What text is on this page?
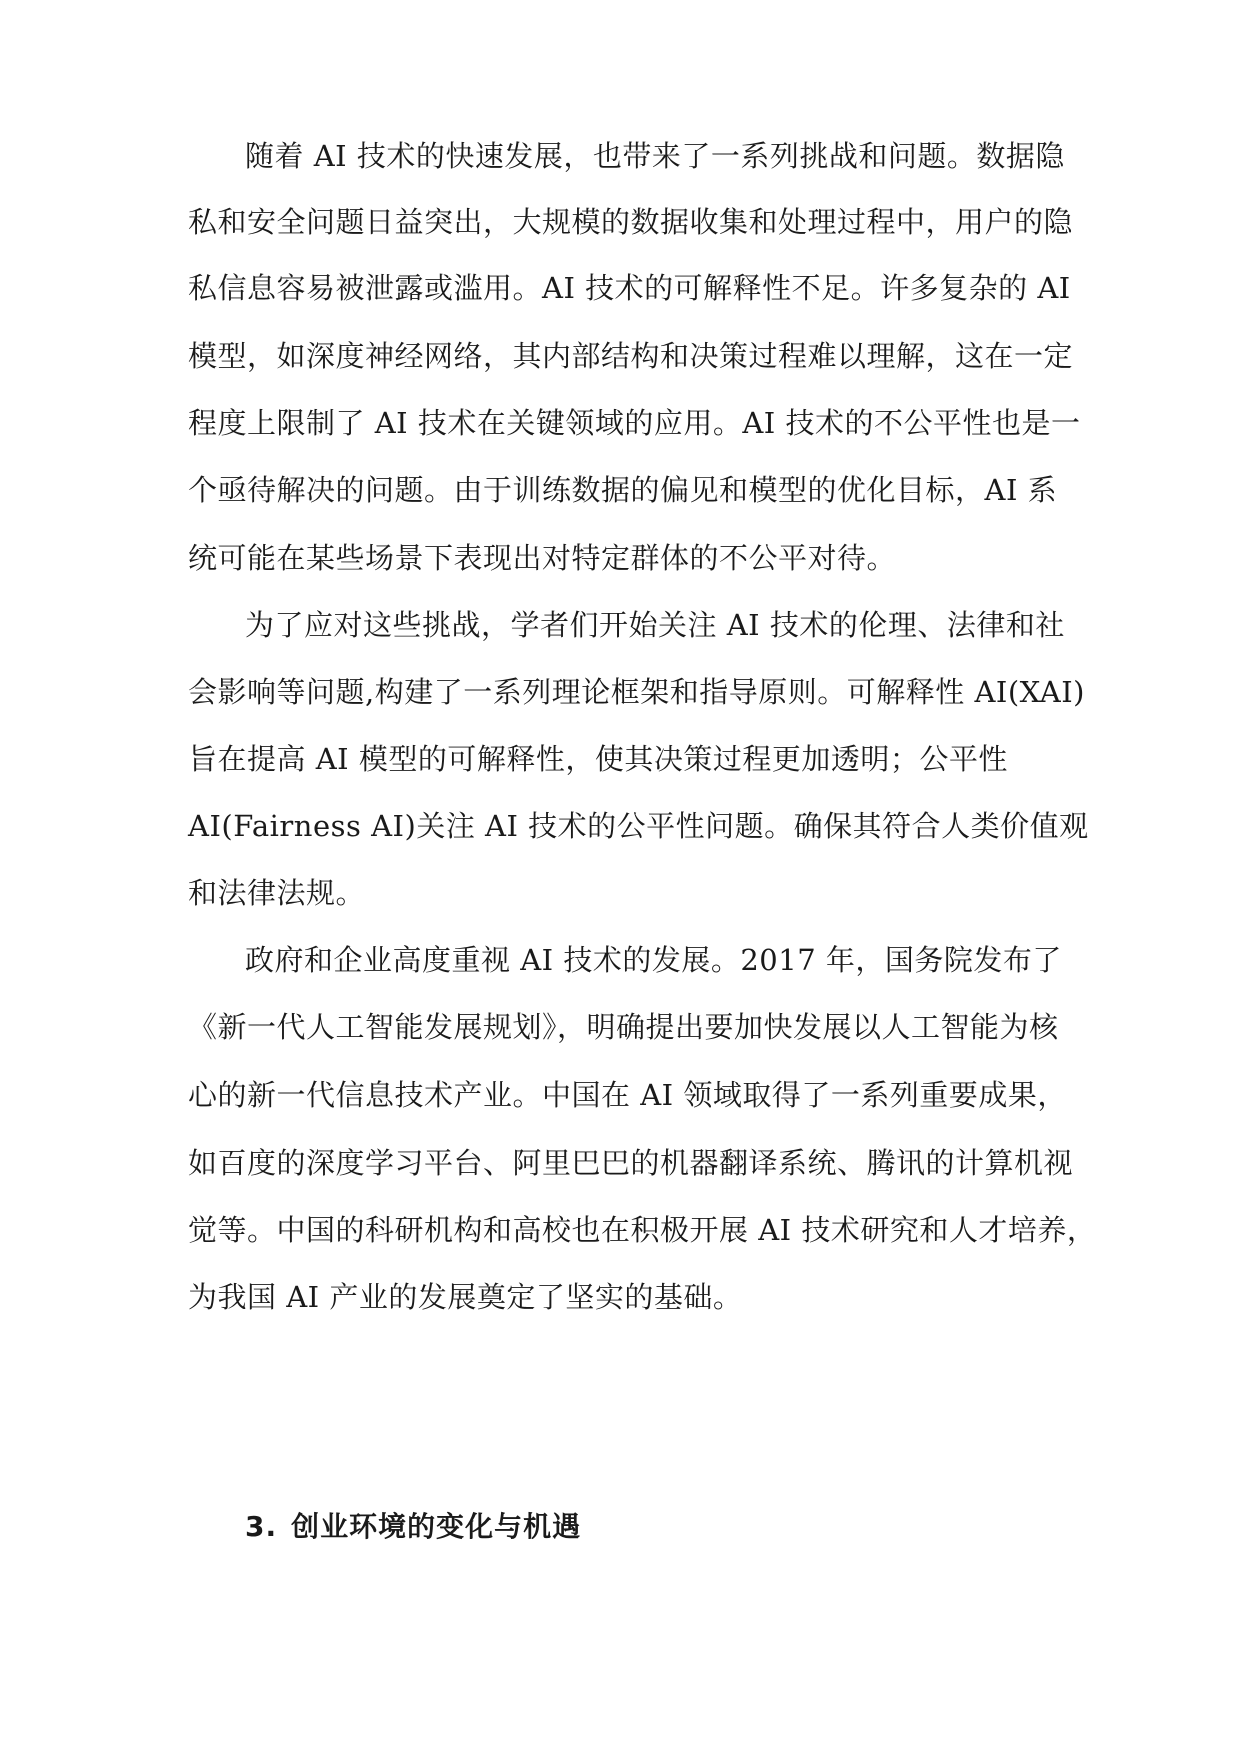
随着 AI 技术的快速发展，也带来了一系列挑战和问题。数据隐
私和安全问题日益突出，大规模的数据收集和处理过程中，用户的隐
私信息容易被泄露或滥用。AI 技术的可解释性不足。许多复杂的 AI
模型，如深度神经网络，其内部结构和决策过程难以理解，这在一定
程度上限制了 AI 技术在关键领域的应用。AI 技术的不公平性也是一
个亟待解决的问题。由于训练数据的偏见和模型的优化目标，AI 系
统可能在某些场景下表现出对特定群体的不公平对待。
为了应对这些挑战，学者们开始关注 AI 技术的伦理、法律和社
会影响等问题,构建了一系列理论框架和指导原则。可解释性 AI(XAI)
旨在提高 AI 模型的可解释性，使其决策过程更加透明；公平性
AI(Fairness AI)关注 AI 技术的公平性问题。确保其符合人类价值观
和法律法规。
政府和企业高度重视 AI 技术的发展。2017 年，国务院发布了
《新一代人工智能发展规划》，明确提出要加快发展以人工智能为核
心的新一代信息技术产业。中国在 AI 领域取得了一系列重要成果，
如百度的深度学习平台、阿里巴巴的机器翻译系统、腾讯的计算机视
觉等。中国的科研机构和高校也在积极开展 AI 技术研究和人才培养，
为我国 AI 产业的发展奠定了坚实的基础。
3. 创业环境的变化与机遇
